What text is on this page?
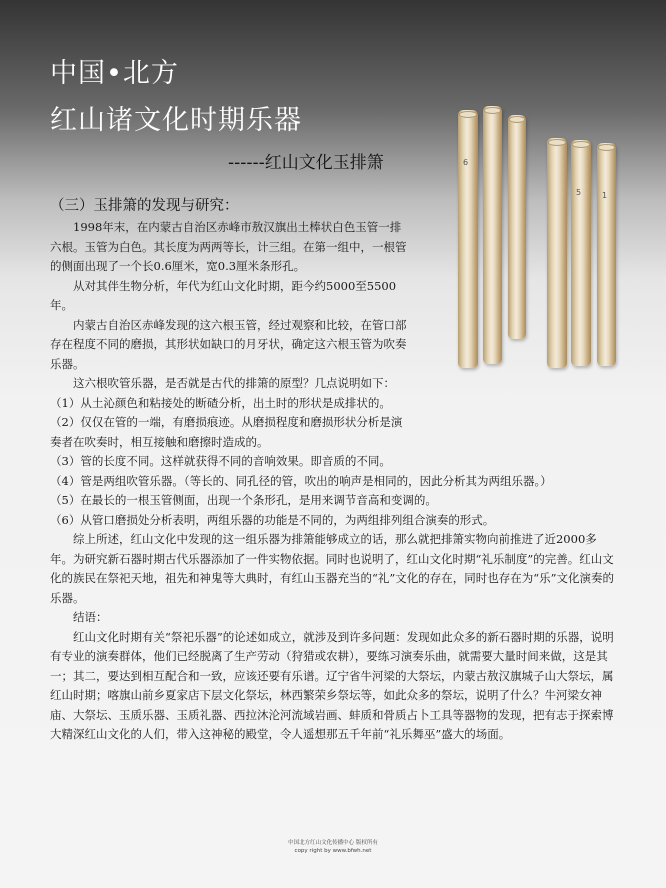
中国•北方
红山诸文化时期乐器
6
5	1
------红山文化玉排箫
（三）玉排箫的发现与研究：

1998年末，在内蒙古自治区赤峰市敖汉旗出土棒状白色玉管一排六根。玉管为白色。其长度为两两等长，计三组。在第一组中，一根管的侧面出现了一个长0.6厘米，宽0.3厘米条形孔。

从对其伴生物分析，年代为红山文化时期，距今约5000至5500年。

内蒙古自治区赤峰发现的这六根玉管，经过观察和比较，在管口部存在程度不同的磨损，其形状如缺口的月牙状，确定这六根玉管为吹奏乐器。

这六根吹管乐器，是否就是古代的排箫的原型？几点说明如下：

（1）从土沁颜色和粘接处的断碴分析，出土时的形状是成排状的。

（2）仅仅在管的一端，有磨损痕迹。从磨损程度和磨损形状分析是演奏者在吹奏时，相互接触和磨擦时造成的。

（3）管的长度不同。这样就获得不同的音响效果。即音质的不同。

（4）管是两组吹管乐器。（等长的、同孔径的管，吹出的响声是相同的，因此分析其为两组乐器。）

（5）在最长的一根玉管侧面，出现一个条形孔，是用来调节音高和变调的。

（6）从管口磨损处分析表明，两组乐器的功能是不同的，为两组排列组合演奏的形式。

综上所述，红山文化中发现的这一组乐器为排箫能够成立的话，那么就把排箫实物向前推进了近2000多年。为研究新石器时期古代乐器添加了一件实物依据。同时也说明了，红山文化时期“礼乐制度”的完善。红山文化的族民在祭祀天地，祖先和神鬼等大典时，有红山玉器充当的“礼”文化的存在，同时也存在为“乐”文化演奏的乐器。

结语：

红山文化时期有关“祭祀乐器”的论述如成立，就涉及到许多问题：发现如此众多的新石器时期的乐器，说明有专业的演奏群体，他们已经脱离了生产劳动（狩猎或农耕），要练习演奏乐曲，就需要大量时间来做，这是其一；其二，要达到相互配合和一致，应该还要有乐谱。辽宁省牛河梁的大祭坛，内蒙古敖汉旗城子山大祭坛，属红山时期；喀旗山前乡夏家店下层文化祭坛，林西繁荣乡祭坛等，如此众多的祭坛，说明了什么？牛河梁女神庙、大祭坛、玉质乐器、玉质礼器、西拉沐沦河流域岩画、蚌质和骨质占卜工具等器物的发现，把有志于探索博大精深红山文化的人们，带入这神秘的殿堂，令人遥想那五千年前“礼乐舞巫”盛大的场面。

中国北方红山文化传播中心 版权所有

copy right by www.bfwh.net
